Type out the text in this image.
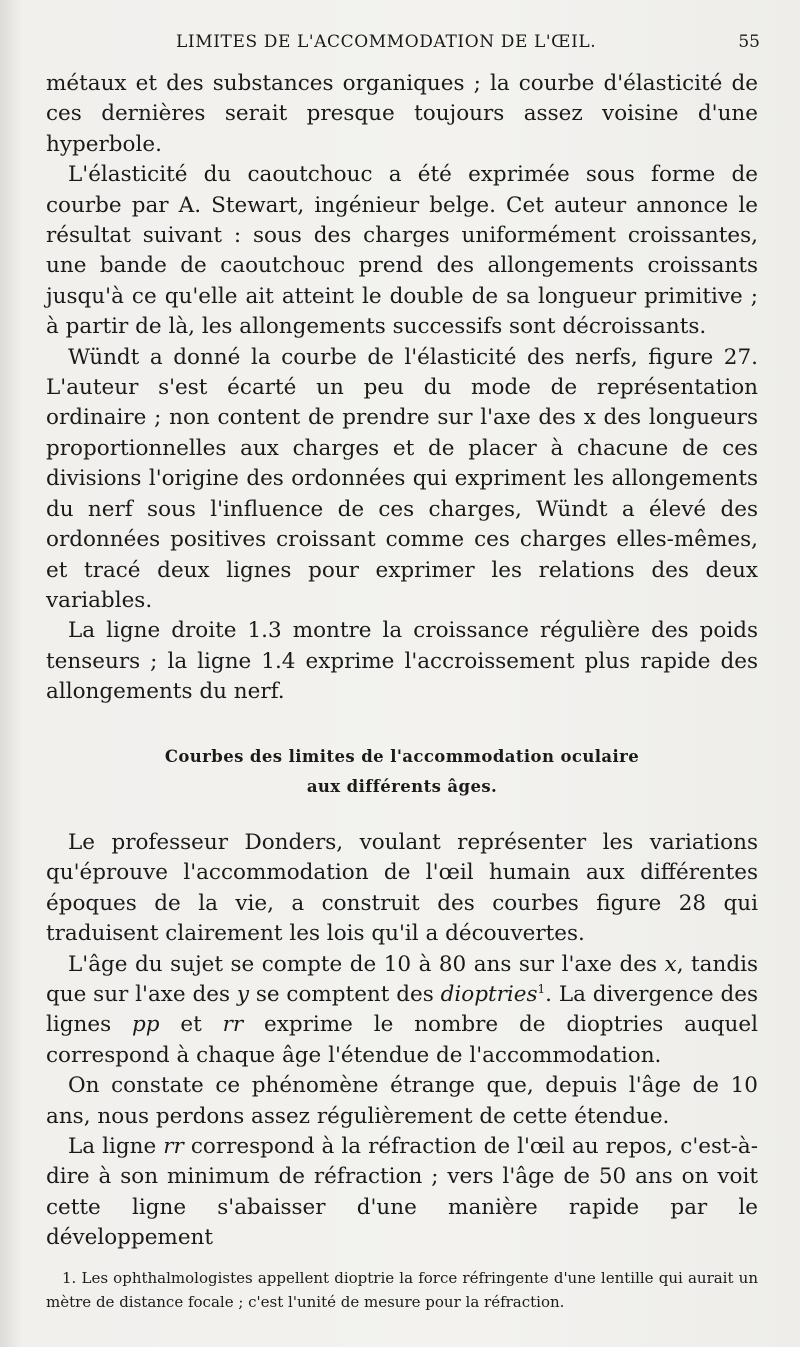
LIMITES DE L'ACCOMMODATION DE L'ŒIL.	55

métaux et des substances organiques ; la courbe d'élasticité de ces dernières serait presque toujours assez voisine d'une hyperbole.

L'élasticité du caoutchouc a été exprimée sous forme de courbe par A. Stewart, ingénieur belge. Cet auteur annonce le résultat suivant : sous des charges uniformément croissantes, une bande de caoutchouc prend des allongements croissants jusqu'à ce qu'elle ait atteint le double de sa longueur primitive ; à partir de là, les allongements successifs sont décroissants.

Wündt a donné la courbe de l'élasticité des nerfs, figure 27. L'auteur s'est écarté un peu du mode de représentation ordinaire ; non content de prendre sur l'axe des x des longueurs proportionnelles aux charges et de placer à chacune de ces divisions l'origine des ordonnées qui expriment les allongements du nerf sous l'influence de ces charges, Wündt a élevé des ordonnées positives croissant comme ces charges elles-mêmes, et tracé deux lignes pour exprimer les relations des deux variables.

La ligne droite 1.3 montre la croissance régulière des poids tenseurs ; la ligne 1.4 exprime l'accroissement plus rapide des allongements du nerf.

Courbes des limites de l'accommodation oculaire
aux différents âges.

Le professeur Donders, voulant représenter les variations qu'éprouve l'accommodation de l'œil humain aux différentes époques de la vie, a construit des courbes figure 28 qui traduisent clairement les lois qu'il a découvertes.

L'âge du sujet se compte de 10 à 80 ans sur l'axe des x, tandis que sur l'axe des y se comptent des dioptries$^1$. La divergence des lignes pp et rr exprime le nombre de dioptries auquel correspond à chaque âge l'étendue de l'accommodation.

On constate ce phénomène étrange que, depuis l'âge de 10 ans, nous perdons assez régulièrement de cette étendue.

La ligne rr correspond à la réfraction de l'œil au repos, c'est-à-dire à son minimum de réfraction ; vers l'âge de 50 ans on voit cette ligne s'abaisser d'une manière rapide par le développement

1. Les ophthalmologistes appellent dioptrie la force réfringente d'une lentille qui aurait un mètre de distance focale ; c'est l'unité de mesure pour la réfraction.
